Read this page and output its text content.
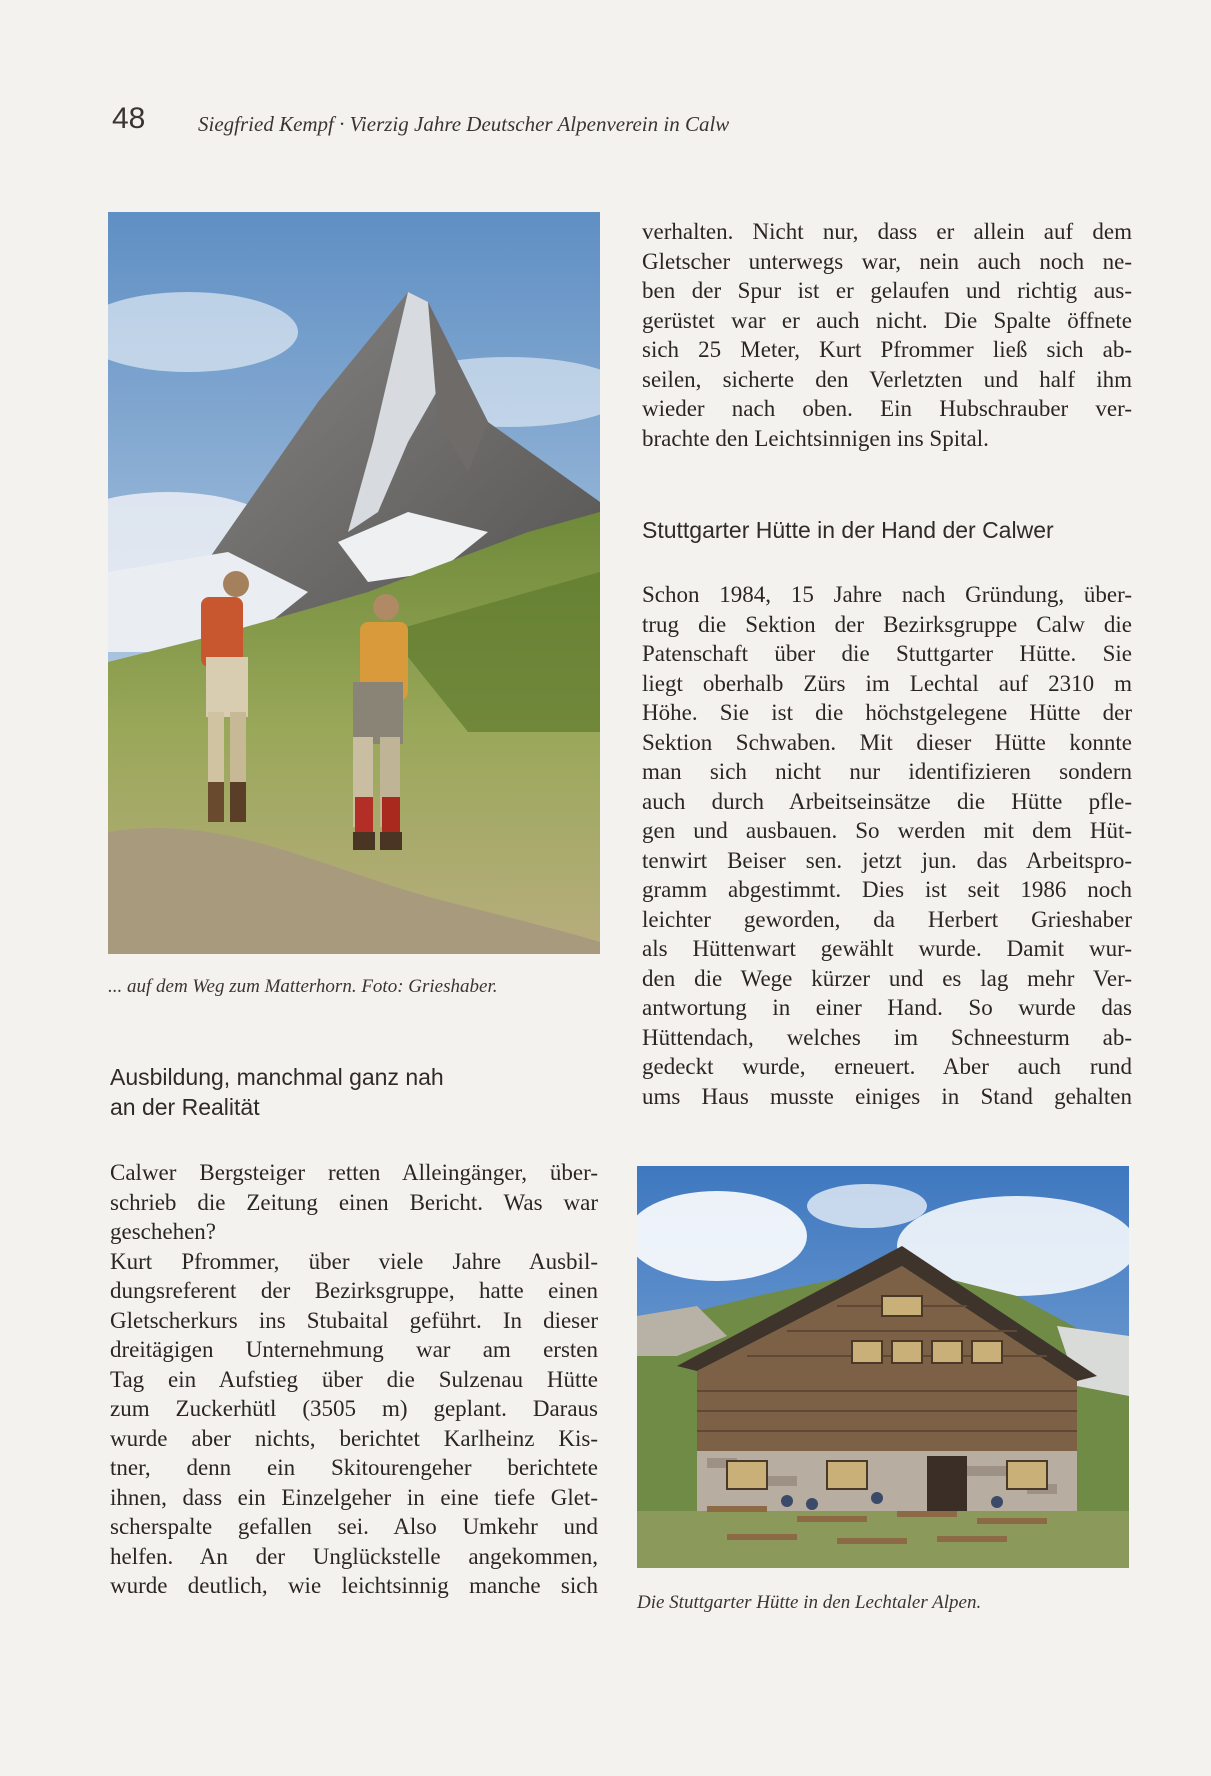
48	Siegfried Kempf · Vierzig Jahre Deutscher Alpenverein in Calw
... auf dem Weg zum Matterhorn. Foto: Grieshaber.
Ausbildung, manchmal ganz nah
an der Realität

Calwer Bergsteiger retten Alleingänger, über-
schrieb die Zeitung einen Bericht. Was war
geschehen?

Kurt Pfrommer, über viele Jahre Ausbil-
dungsreferent der Bezirksgruppe, hatte einen
Gletscherkurs ins Stubaital geführt. In dieser
dreitägigen Unternehmung war am ersten
Tag ein Aufstieg über die Sulzenau Hütte
zum Zuckerhütl (3505 m) geplant. Daraus
wurde aber nichts, berichtet Karlheinz Kis-
tner, denn ein Skitourengeher berichtete
ihnen, dass ein Einzelgeher in eine tiefe Glet-
scherspalte gefallen sei. Also Umkehr und
helfen. An der Unglückstelle angekommen,
wurde deutlich, wie leichtsinnig manche sich

verhalten. Nicht nur, dass er allein auf dem
Gletscher unterwegs war, nein auch noch ne-
ben der Spur ist er gelaufen und richtig aus-
gerüstet war er auch nicht. Die Spalte öffnete
sich 25 Meter, Kurt Pfrommer ließ sich ab-
seilen, sicherte den Verletzten und half ihm
wieder nach oben. Ein Hubschrauber ver-
brachte den Leichtsinnigen ins Spital.

Stuttgarter Hütte in der Hand der Calwer

Schon 1984, 15 Jahre nach Gründung, über-
trug die Sektion der Bezirksgruppe Calw die
Patenschaft über die Stuttgarter Hütte. Sie
liegt oberhalb Zürs im Lechtal auf 2310 m
Höhe. Sie ist die höchstgelegene Hütte der
Sektion Schwaben. Mit dieser Hütte konnte
man sich nicht nur identifizieren sondern
auch durch Arbeitseinsätze die Hütte pfle-
gen und ausbauen. So werden mit dem Hüt-
tenwirt Beiser sen. jetzt jun. das Arbeitspro-
gramm abgestimmt. Dies ist seit 1986 noch
leichter geworden, da Herbert Grieshaber
als Hüttenwart gewählt wurde. Damit wur-
den die Wege kürzer und es lag mehr Ver-
antwortung in einer Hand. So wurde das
Hüttendach, welches im Schneesturm ab-
gedeckt wurde, erneuert. Aber auch rund
ums Haus musste einiges in Stand gehalten

Die Stuttgarter Hütte in den Lechtaler Alpen.
